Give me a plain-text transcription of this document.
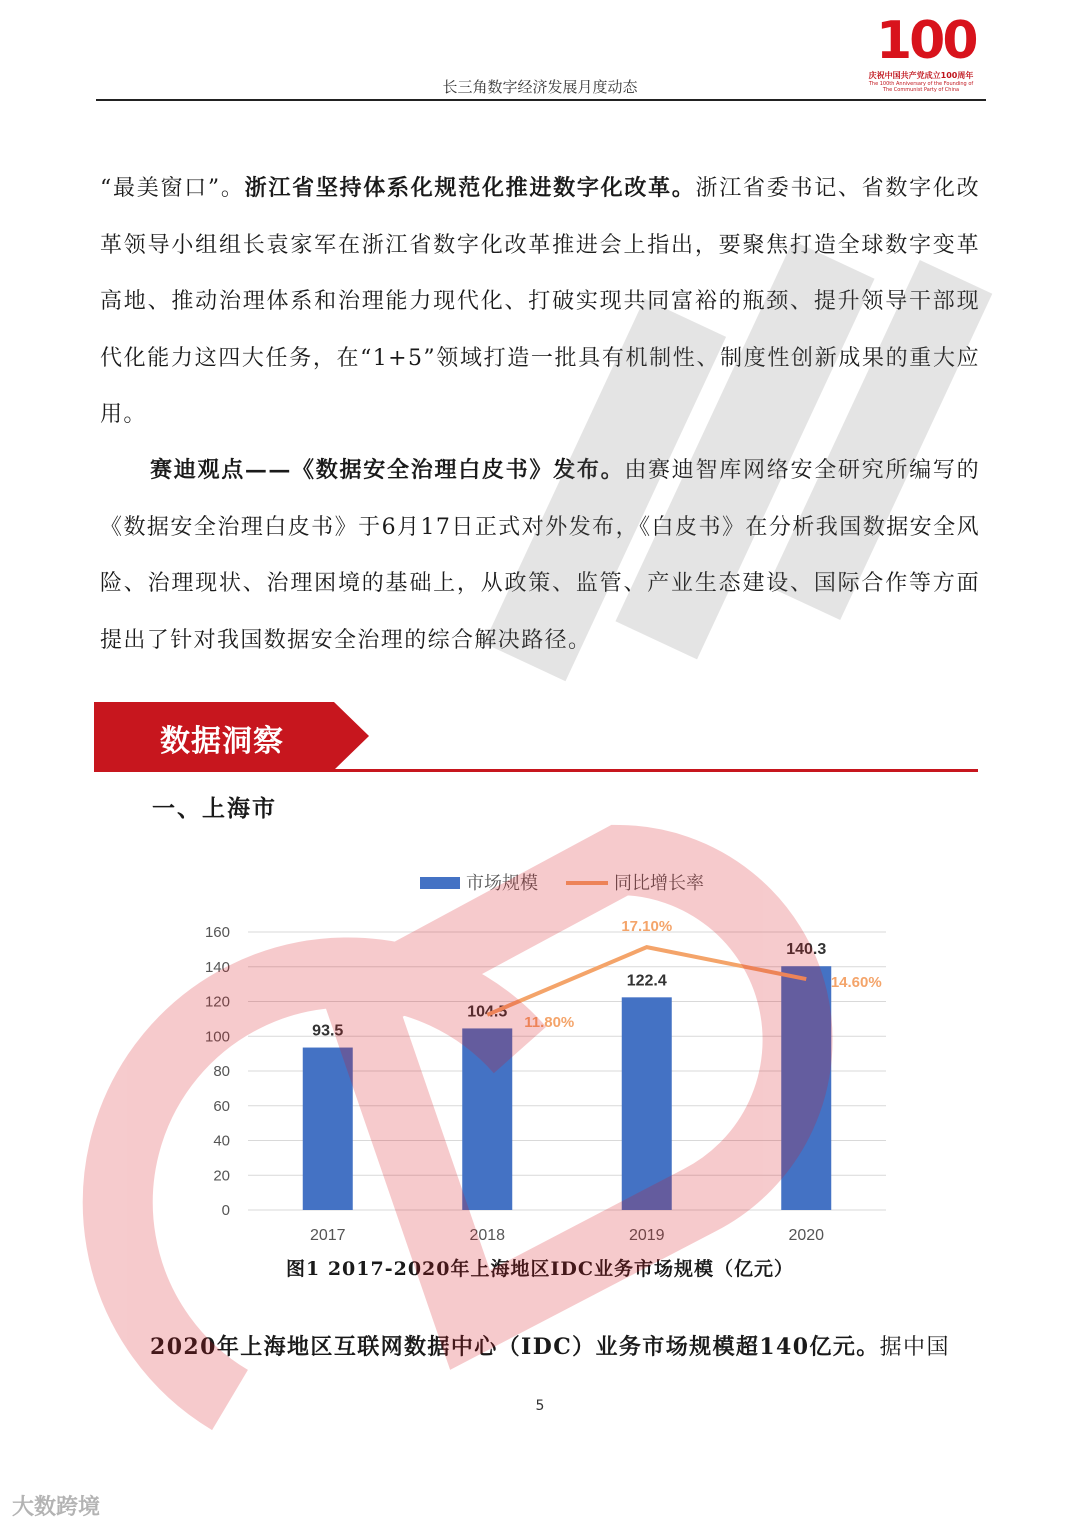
100
庆祝中国共产党成立100周年
The 100th Anniversary of the Founding of
The Communist Party of China
长三角数字经济发展月度动态

“最美窗口”。浙江省坚持体系化规范化推进数字化改革。浙江省委书记、省数字化改革领导小组组长袁家军在浙江省数字化改革推进会上指出，要聚焦打造全球数字变革高地、推动治理体系和治理能力现代化、打破实现共同富裕的瓶颈、提升领导干部现代化能力这四大任务，在“1+5”领域打造一批具有机制性、制度性创新成果的重大应用。

赛迪观点——《数据安全治理白皮书》发布。由赛迪智库网络安全研究所编写的《数据安全治理白皮书》于6月17日正式对外发布，《白皮书》在分析我国数据安全风险、治理现状、治理困境的基础上，从政策、监管、产业生态建设、国际合作等方面提出了针对我国数据安全治理的综合解决路径。

数据洞察
一、上海市
0
20
40
60
80
100
120
140
160
市场规模	同比增长率
93.5
104.5
122.4
140.3
2017	2018	2019	2020
11.80%
17.10%
14.60%
图1 2017-2020年上海地区IDC业务市场规模（亿元）

2020年上海地区互联网数据中心（IDC）业务市场规模超140亿元。据中国

5
大数跨境
